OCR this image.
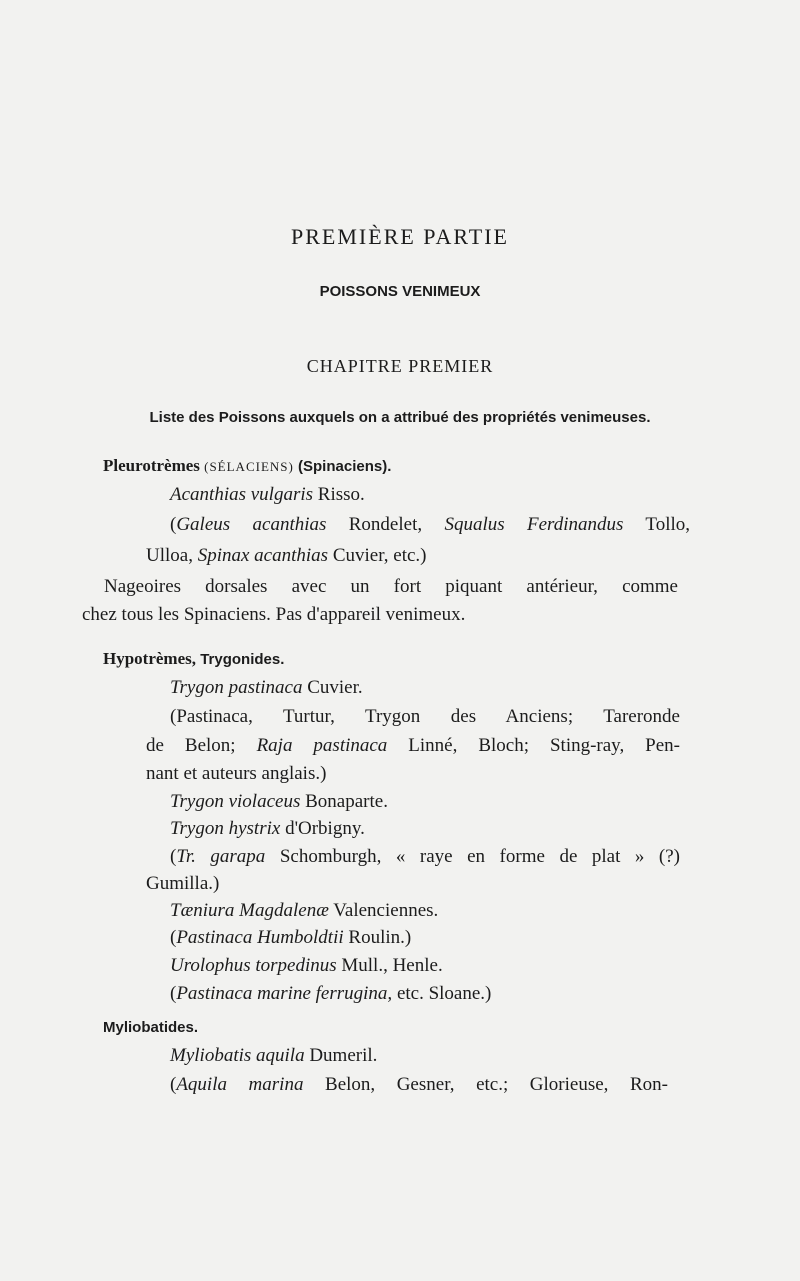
PREMIÈRE PARTIE
POISSONS VENIMEUX
CHAPITRE PREMIER
Liste des Poissons auxquels on a attribué des propriétés venimeuses.
Pleurotrèmes (SÉLACIENS) (Spinaciens).
Acanthias vulgaris Risso.
(Galeus acanthias Rondelet, Squalus Ferdinandus Tollo,
Ulloa, Spinax acanthias Cuvier, etc.)
Nageoires dorsales avec un fort piquant antérieur, comme
chez tous les Spinaciens. Pas d'appareil venimeux.
Hypotrèmes, Trygonides.
Trygon pastinaca Cuvier.
(Pastinaca, Turtur, Trygon des Anciens; Tareronde
de Belon; Raja pastinaca Linné, Bloch; Sting-ray, Pen-
nant et auteurs anglais.)
Trygon violaceus Bonaparte.
Trygon hystrix d'Orbigny.
(Tr. garapa Schomburgh, « raye en forme de plat » (?)
Gumilla.)
Tæniura Magdalenæ Valenciennes.
(Pastinaca Humboldtii Roulin.)
Urolophus torpedinus Mull., Henle.
(Pastinaca marine ferrugina, etc. Sloane.)
Myliobatides.
Myliobatis aquila Dumeril.
(Aquila marina Belon, Gesner, etc.; Glorieuse, Ron-
